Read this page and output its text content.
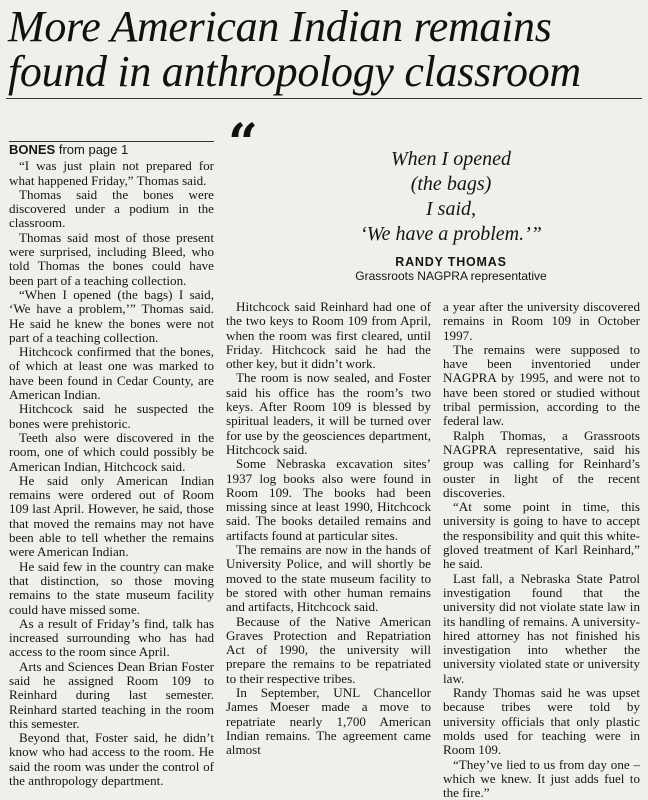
More American Indian remains
found in anthropology classroom
BONES from page 1

“I was just plain not prepared for what happened Friday,” Thomas said.

Thomas said the bones were discovered under a podium in the classroom.

Thomas said most of those present were surprised, including Bleed, who told Thomas the bones could have been part of a teaching collection.

“When I opened (the bags) I said, ‘We have a problem,’” Thomas said. He said he knew the bones were not part of a teaching collection.

Hitchcock confirmed that the bones, of which at least one was marked to have been found in Cedar County, are American Indian.

Hitchcock said he suspected the bones were prehistoric.

Teeth also were discovered in the room, one of which could possibly be American Indian, Hitchcock said.

He said only American Indian remains were ordered out of Room 109 last April. However, he said, those that moved the remains may not have been able to tell whether the remains were American Indian.

He said few in the country can make that distinction, so those moving remains to the state museum facility could have missed some.

As a result of Friday’s find, talk has increased surrounding who has had access to the room since April.

Arts and Sciences Dean Brian Foster said he assigned Room 109 to Reinhard during last semester. Reinhard started teaching in the room this semester.

Beyond that, Foster said, he didn’t know who had access to the room. He said the room was under the control of the anthropology department.

“	When I opened
(the bags)
I said,
‘We have a problem.’”
RANDY THOMAS
Grassroots NAGPRA representative

Hitchcock said Reinhard had one of the two keys to Room 109 from April, when the room was first cleared, until Friday. Hitchcock said he had the other key, but it didn’t work.

The room is now sealed, and Foster said his office has the room’s two keys. After Room 109 is blessed by spiritual leaders, it will be turned over for use by the geosciences department, Hitchcock said.

Some Nebraska excavation sites’ 1937 log books also were found in Room 109. The books had been missing since at least 1990, Hitchcock said. The books detailed remains and artifacts found at particular sites.

The remains are now in the hands of University Police, and will shortly be moved to the state museum facility to be stored with other human remains and artifacts, Hitchcock said.

Because of the Native American Graves Protection and Repatriation Act of 1990, the university will prepare the remains to be repatriated to their respective tribes.

In September, UNL Chancellor James Moeser made a move to repatriate nearly 1,700 American Indian remains. The agreement came almost

a year after the university discovered remains in Room 109 in October 1997.

The remains were supposed to have been inventoried under NAGPRA by 1995, and were not to have been stored or studied without tribal permission, according to the federal law.

Ralph Thomas, a Grassroots NAGPRA representative, said his group was calling for Reinhard’s ouster in light of the recent discoveries.

“At some point in time, this university is going to have to accept the responsibility and quit this white-gloved treatment of Karl Reinhard,” he said.

Last fall, a Nebraska State Patrol investigation found that the university did not violate state law in its handling of remains. A university-hired attorney has not finished his investigation into whether the university violated state or university law.

Randy Thomas said he was upset because tribes were told by university officials that only plastic molds used for teaching were in Room 109.

“They’ve lied to us from day one – which we knew. It just adds fuel to the fire.”
